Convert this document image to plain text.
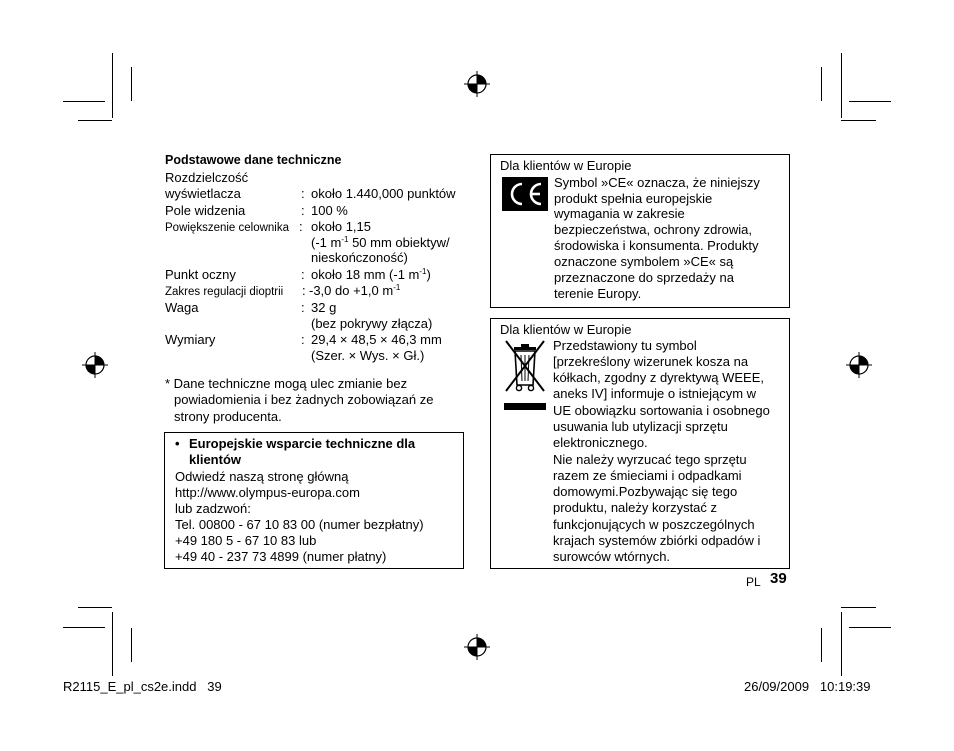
Podstawowe dane techniczne
Rozdzielczość
wyświetlacza	: około 1.440,000 punktów
Pole widzenia	: 100 %
Powiększenie celownika : około 1,15
(-1 $m^{-1}$ 50 mm obiektyw/
nieskończoność)
Punkt oczny	: około 18 mm (-1 $m^{-1}$)
Zakres regulacji dioptrii : -3,0 do +1,0 $m^{-1}$
Waga	: 32 g
(bez pokrywy złącza)
Wymiary	: 29,4 × 48,5 × 46,3 mm
(Szer. × Wys. × Gł.)
* Dane techniczne mogą ulec zmianie bez
powiadomienia i bez żadnych zobowiązań ze
strony producenta.
• Europejskie wsparcie techniczne dla
klientów
Odwiedź naszą stronę główną
http://www.olympus-europa.com
lub zadzwoń:
Tel. 00800 - 67 10 83 00 (numer bezpłatny)
+49 180 5 - 67 10 83 lub
+49 40 - 237 73 4899 (numer płatny)
Dla klientów w Europie
Symbol »CE« oznacza, że niniejszy
produkt spełnia europejskie
wymagania w zakresie
bezpieczeństwa, ochrony zdrowia,
środowiska i konsumenta. Produkty
oznaczone symbolem »CE« są
przeznaczone do sprzedaży na
terenie Europy.
Dla klientów w Europie
Przedstawiony tu symbol
[przekreślony wizerunek kosza na
kółkach, zgodny z dyrektywą WEEE,
aneks IV] informuje o istniejącym w
UE obowiązku sortowania i osobnego
usuwania lub utylizacji sprzętu
elektronicznego.
Nie należy wyrzucać tego sprzętu
razem ze śmieciami i odpadkami
domowymi.Pozbywając się tego
produktu, należy korzystać z
funkcjonujących w poszczególnych
krajach systemów zbiórki odpadów i
surowców wtórnych.
PL 39
R2115_E_pl_cs2e.indd   39	26/09/2009   10:19:39
